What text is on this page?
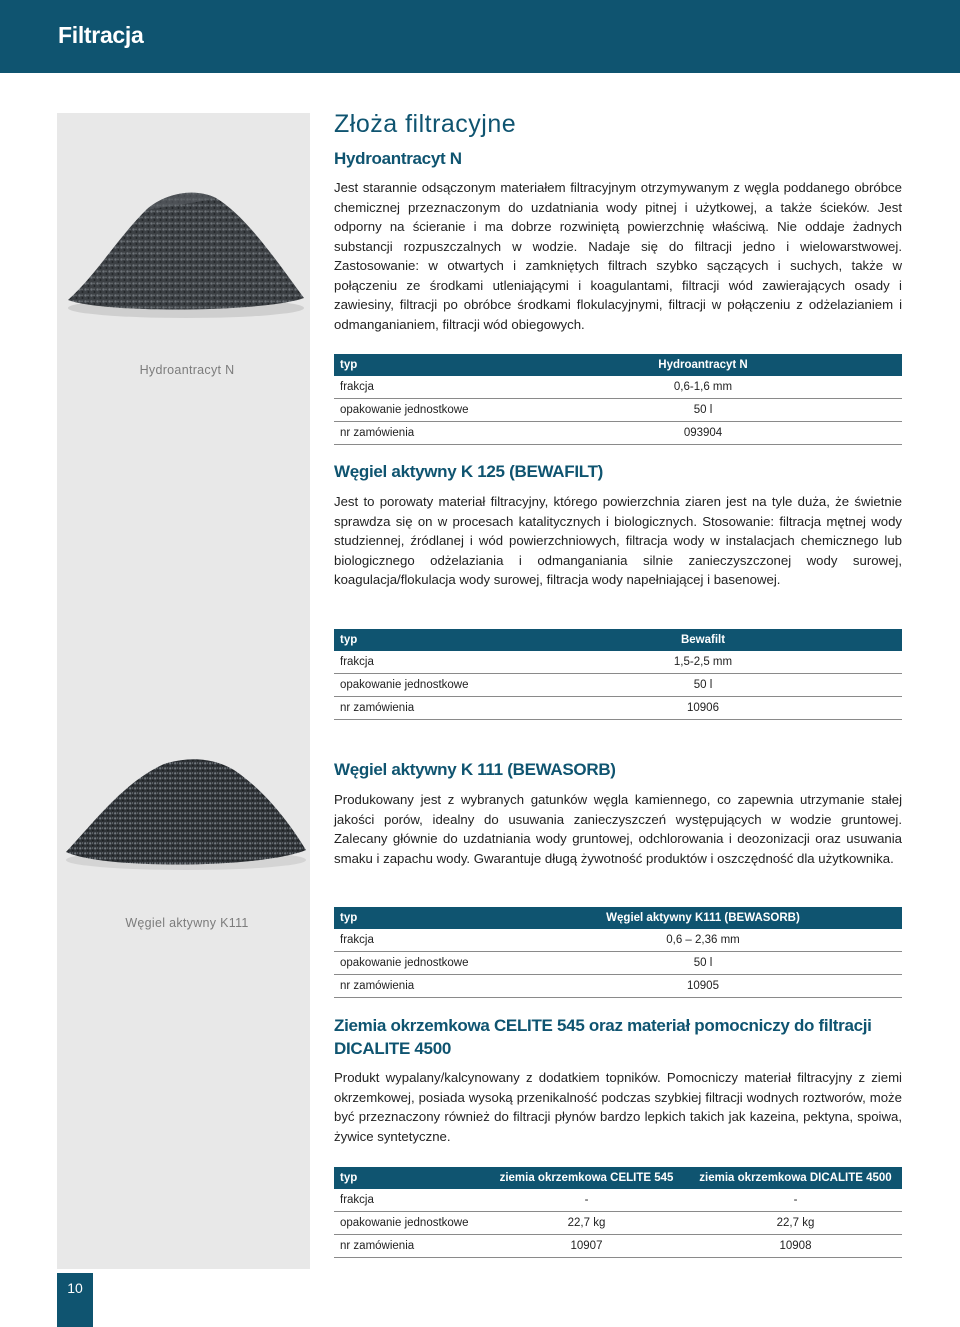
Filtracja
Hydroantracyt N
Węgiel aktywny K111
Złoża filtracyjne
Hydroantracyt N

Jest starannie odsączonym materiałem filtracyjnym otrzymywanym z węgla poddanego obróbce chemicznej przeznaczonym do uzdatniania wody pitnej i użytkowej, a także ścieków. Jest odporny na ścieranie i ma dobrze rozwiniętą powierzchnię właściwą. Nie oddaje żadnych substancji rozpuszczalnych w wodzie. Nadaje się do filtracji jedno i wielowarstwowej. Zastosowanie: w otwartych i zamkniętych filtrach szybko sączących i suchych, także w połączeniu ze środkami utleniającymi i koagulantami, filtracji wód zawierających osady i zawiesiny, filtracji po obróbce środkami flokulacyjnymi, filtracji w połączeniu z odżelazianiem i odmanganianiem, filtracji wód obiegowych.

typ	Hydroantracyt N
frakcja	0,6-1,6 mm
opakowanie jednostkowe	50 l
nr zamówienia	093904
Węgiel aktywny K 125 (BEWAFILT)

Jest to porowaty materiał filtracyjny, którego powierzchnia ziaren jest na tyle duża, że świetnie sprawdza się on w procesach katalitycznych i biologicznych. Stosowanie: filtracja mętnej wody studziennej, źródlanej i wód powierzchniowych, filtracja wody w instalacjach chemicznego lub biologicznego odżelaziania i odmanganiania silnie zanieczyszczonej wody surowej, koagulacja/flokulacja wody surowej, filtracja wody napełniającej i basenowej.

typ	Bewafilt
frakcja	1,5-2,5 mm
opakowanie jednostkowe	50 l
nr zamówienia	10906
Węgiel aktywny K 111 (BEWASORB)

Produkowany jest z wybranych gatunków węgla kamiennego, co zapewnia utrzymanie stałej jakości porów, idealny do usuwania zanieczyszczeń występujących w wodzie gruntowej. Zalecany głównie do uzdatniania wody gruntowej, odchlorowania i deozonizacji oraz usuwania smaku i zapachu wody. Gwarantuje długą żywotność produktów i oszczędność dla użytkownika.

typ	Węgiel aktywny K111 (BEWASORB)
frakcja	0,6 – 2,36 mm
opakowanie jednostkowe	50 l
nr zamówienia	10905
Ziemia okrzemkowa CELITE 545 oraz materiał pomocniczy do filtracji DICALITE 4500

Produkt wypalany/kalcynowany z dodatkiem topników. Pomocniczy materiał filtracyjny z ziemi okrzemkowej, posiada wysoką przenikalność podczas szybkiej filtracji wodnych roztworów, może być przeznaczony również do filtracji płynów bardzo lepkich takich jak kazeina, pektyna, spoiwa, żywice syntetyczne.

typ	ziemia okrzemkowa CELITE 545	ziemia okrzemkowa DICALITE 4500
frakcja	-	-
opakowanie jednostkowe	22,7 kg	22,7 kg
nr zamówienia	10907	10908
10
